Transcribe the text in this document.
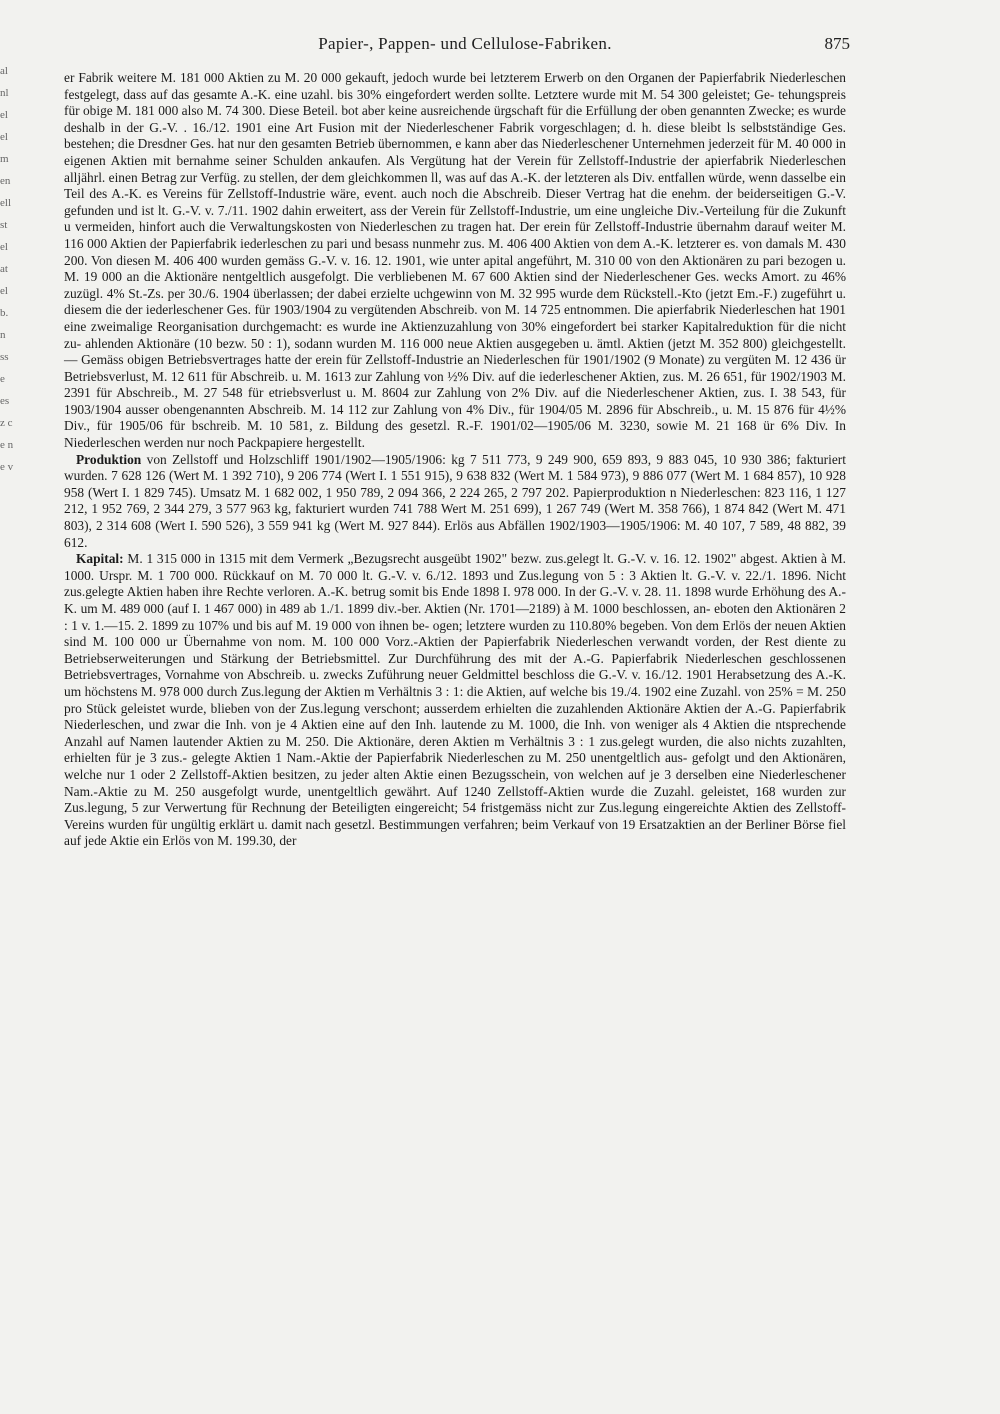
al nl el el m en ell st el at el b. n ss e es z c e n e v
Papier-, Pappen- und Cellulose-Fabriken.	875

er Fabrik weitere M. 181 000 Aktien zu M. 20 000 gekauft, jedoch wurde bei letzterem Erwerb on den Organen der Papierfabrik Niederleschen festgelegt, dass auf das gesamte A.-K. eine uzahl. bis 30% eingefordert werden sollte. Letztere wurde mit M. 54 300 geleistet; Ge- tehungspreis für obige M. 181 000 also M. 74 300. Diese Beteil. bot aber keine ausreichende ürgschaft für die Erfüllung der oben genannten Zwecke; es wurde deshalb in der G.-V. . 16./12. 1901 eine Art Fusion mit der Niederleschener Fabrik vorgeschlagen; d. h. diese bleibt ls selbstständige Ges. bestehen; die Dresdner Ges. hat nur den gesamten Betrieb übernommen, e kann aber das Niederleschener Unternehmen jederzeit für M. 40 000 in eigenen Aktien mit bernahme seiner Schulden ankaufen. Als Vergütung hat der Verein für Zellstoff-Industrie der apierfabrik Niederleschen alljährl. einen Betrag zur Verfüg. zu stellen, der dem gleichkommen ll, was auf das A.-K. der letzteren als Div. entfallen würde, wenn dasselbe ein Teil des A.-K. es Vereins für Zellstoff-Industrie wäre, event. auch noch die Abschreib. Dieser Vertrag hat die enehm. der beiderseitigen G.-V. gefunden und ist lt. G.-V. v. 7./11. 1902 dahin erweitert, ass der Verein für Zellstoff-Industrie, um eine ungleiche Div.-Verteilung für die Zukunft u vermeiden, hinfort auch die Verwaltungskosten von Niederleschen zu tragen hat. Der erein für Zellstoff-Industrie übernahm darauf weiter M. 116 000 Aktien der Papierfabrik iederleschen zu pari und besass nunmehr zus. M. 406 400 Aktien von dem A.-K. letzterer es. von damals M. 430 200. Von diesen M. 406 400 wurden gemäss G.-V. v. 16. 12. 1901, wie unter apital angeführt, M. 310 00 von den Aktionären zu pari bezogen u. M. 19 000 an die Aktionäre nentgeltlich ausgefolgt. Die verbliebenen M. 67 600 Aktien sind der Niederleschener Ges. wecks Amort. zu 46% zuzügl. 4% St.-Zs. per 30./6. 1904 überlassen; der dabei erzielte uchgewinn von M. 32 995 wurde dem Rückstell.-Kto (jetzt Em.-F.) zugeführt u. diesem die der iederleschener Ges. für 1903/1904 zu vergütenden Abschreib. von M. 14 725 entnommen. Die apierfabrik Niederleschen hat 1901 eine zweimalige Reorganisation durchgemacht: es wurde ine Aktienzuzahlung von 30% eingefordert bei starker Kapitalreduktion für die nicht zu- ahlenden Aktionäre (10 bezw. 50 : 1), sodann wurden M. 116 000 neue Aktien ausgegeben u. ämtl. Aktien (jetzt M. 352 800) gleichgestellt. — Gemäss obigen Betriebsvertrages hatte der erein für Zellstoff-Industrie an Niederleschen für 1901/1902 (9 Monate) zu vergüten M. 12 436 ür Betriebsverlust, M. 12 611 für Abschreib. u. M. 1613 zur Zahlung von ½% Div. auf die iederleschener Aktien, zus. M. 26 651, für 1902/1903 M. 2391 für Abschreib., M. 27 548 für etriebsverlust u. M. 8604 zur Zahlung von 2% Div. auf die Niederleschener Aktien, zus. I. 38 543, für 1903/1904 ausser obengenannten Abschreib. M. 14 112 zur Zahlung von 4% Div., für 1904/05 M. 2896 für Abschreib., u. M. 15 876 für 4½% Div., für 1905/06 für bschreib. M. 10 581, z. Bildung des gesetzl. R.-F. 1901/02—1905/06 M. 3230, sowie M. 21 168 ür 6% Div. In Niederleschen werden nur noch Packpapiere hergestellt.

Produktion von Zellstoff und Holzschliff 1901/1902—1905/1906: kg 7 511 773, 9 249 900, 659 893, 9 883 045, 10 930 386; fakturiert wurden. 7 628 126 (Wert M. 1 392 710), 9 206 774 (Wert I. 1 551 915), 9 638 832 (Wert M. 1 584 973), 9 886 077 (Wert M. 1 684 857), 10 928 958 (Wert I. 1 829 745). Umsatz M. 1 682 002, 1 950 789, 2 094 366, 2 224 265, 2 797 202. Papierproduktion n Niederleschen: 823 116, 1 127 212, 1 952 769, 2 344 279, 3 577 963 kg, fakturiert wurden 741 788 Wert M. 251 699), 1 267 749 (Wert M. 358 766), 1 874 842 (Wert M. 471 803), 2 314 608 (Wert I. 590 526), 3 559 941 kg (Wert M. 927 844). Erlös aus Abfällen 1902/1903—1905/1906: M. 40 107, 7 589, 48 882, 39 612.

Kapital: M. 1 315 000 in 1315 mit dem Vermerk „Bezugsrecht ausgeübt 1902" bezw. zus.gelegt lt. G.-V. v. 16. 12. 1902" abgest. Aktien à M. 1000. Urspr. M. 1 700 000. Rückkauf on M. 70 000 lt. G.-V. v. 6./12. 1893 und Zus.legung von 5 : 3 Aktien lt. G.-V. v. 22./1. 1896. Nicht zus.gelegte Aktien haben ihre Rechte verloren. A.-K. betrug somit bis Ende 1898 I. 978 000. In der G.-V. v. 28. 11. 1898 wurde Erhöhung des A.-K. um M. 489 000 (auf I. 1 467 000) in 489 ab 1./1. 1899 div.-ber. Aktien (Nr. 1701—2189) à M. 1000 beschlossen, an- eboten den Aktionären 2 : 1 v. 1.—15. 2. 1899 zu 107% und bis auf M. 19 000 von ihnen be- ogen; letztere wurden zu 110.80% begeben. Von dem Erlös der neuen Aktien sind M. 100 000 ur Übernahme von nom. M. 100 000 Vorz.-Aktien der Papierfabrik Niederleschen verwandt vorden, der Rest diente zu Betriebserweiterungen und Stärkung der Betriebsmittel. Zur Durchführung des mit der A.-G. Papierfabrik Niederleschen geschlossenen Betriebsvertrages, Vornahme von Abschreib. u. zwecks Zuführung neuer Geldmittel beschloss die G.-V. v. 16./12. 1901 Herabsetzung des A.-K. um höchstens M. 978 000 durch Zus.legung der Aktien m Verhältnis 3 : 1: die Aktien, auf welche bis 19./4. 1902 eine Zuzahl. von 25% = M. 250 pro Stück geleistet wurde, blieben von der Zus.legung verschont; ausserdem erhielten die zuzahlenden Aktionäre Aktien der A.-G. Papierfabrik Niederleschen, und zwar die Inh. von je 4 Aktien eine auf den Inh. lautende zu M. 1000, die Inh. von weniger als 4 Aktien die ntsprechende Anzahl auf Namen lautender Aktien zu M. 250. Die Aktionäre, deren Aktien m Verhältnis 3 : 1 zus.gelegt wurden, die also nichts zuzahlten, erhielten für je 3 zus.- gelegte Aktien 1 Nam.-Aktie der Papierfabrik Niederleschen zu M. 250 unentgeltlich aus- gefolgt und den Aktionären, welche nur 1 oder 2 Zellstoff-Aktien besitzen, zu jeder alten Aktie einen Bezugsschein, von welchen auf je 3 derselben eine Niederleschener Nam.-Aktie zu M. 250 ausgefolgt wurde, unentgeltlich gewährt. Auf 1240 Zellstoff-Aktien wurde die Zuzahl. geleistet, 168 wurden zur Zus.legung, 5 zur Verwertung für Rechnung der Beteiligten eingereicht; 54 fristgemäss nicht zur Zus.legung eingereichte Aktien des Zellstoff-Vereins wurden für ungültig erklärt u. damit nach gesetzl. Bestimmungen verfahren; beim Verkauf von 19 Ersatzaktien an der Berliner Börse fiel auf jede Aktie ein Erlös von M. 199.30, der
